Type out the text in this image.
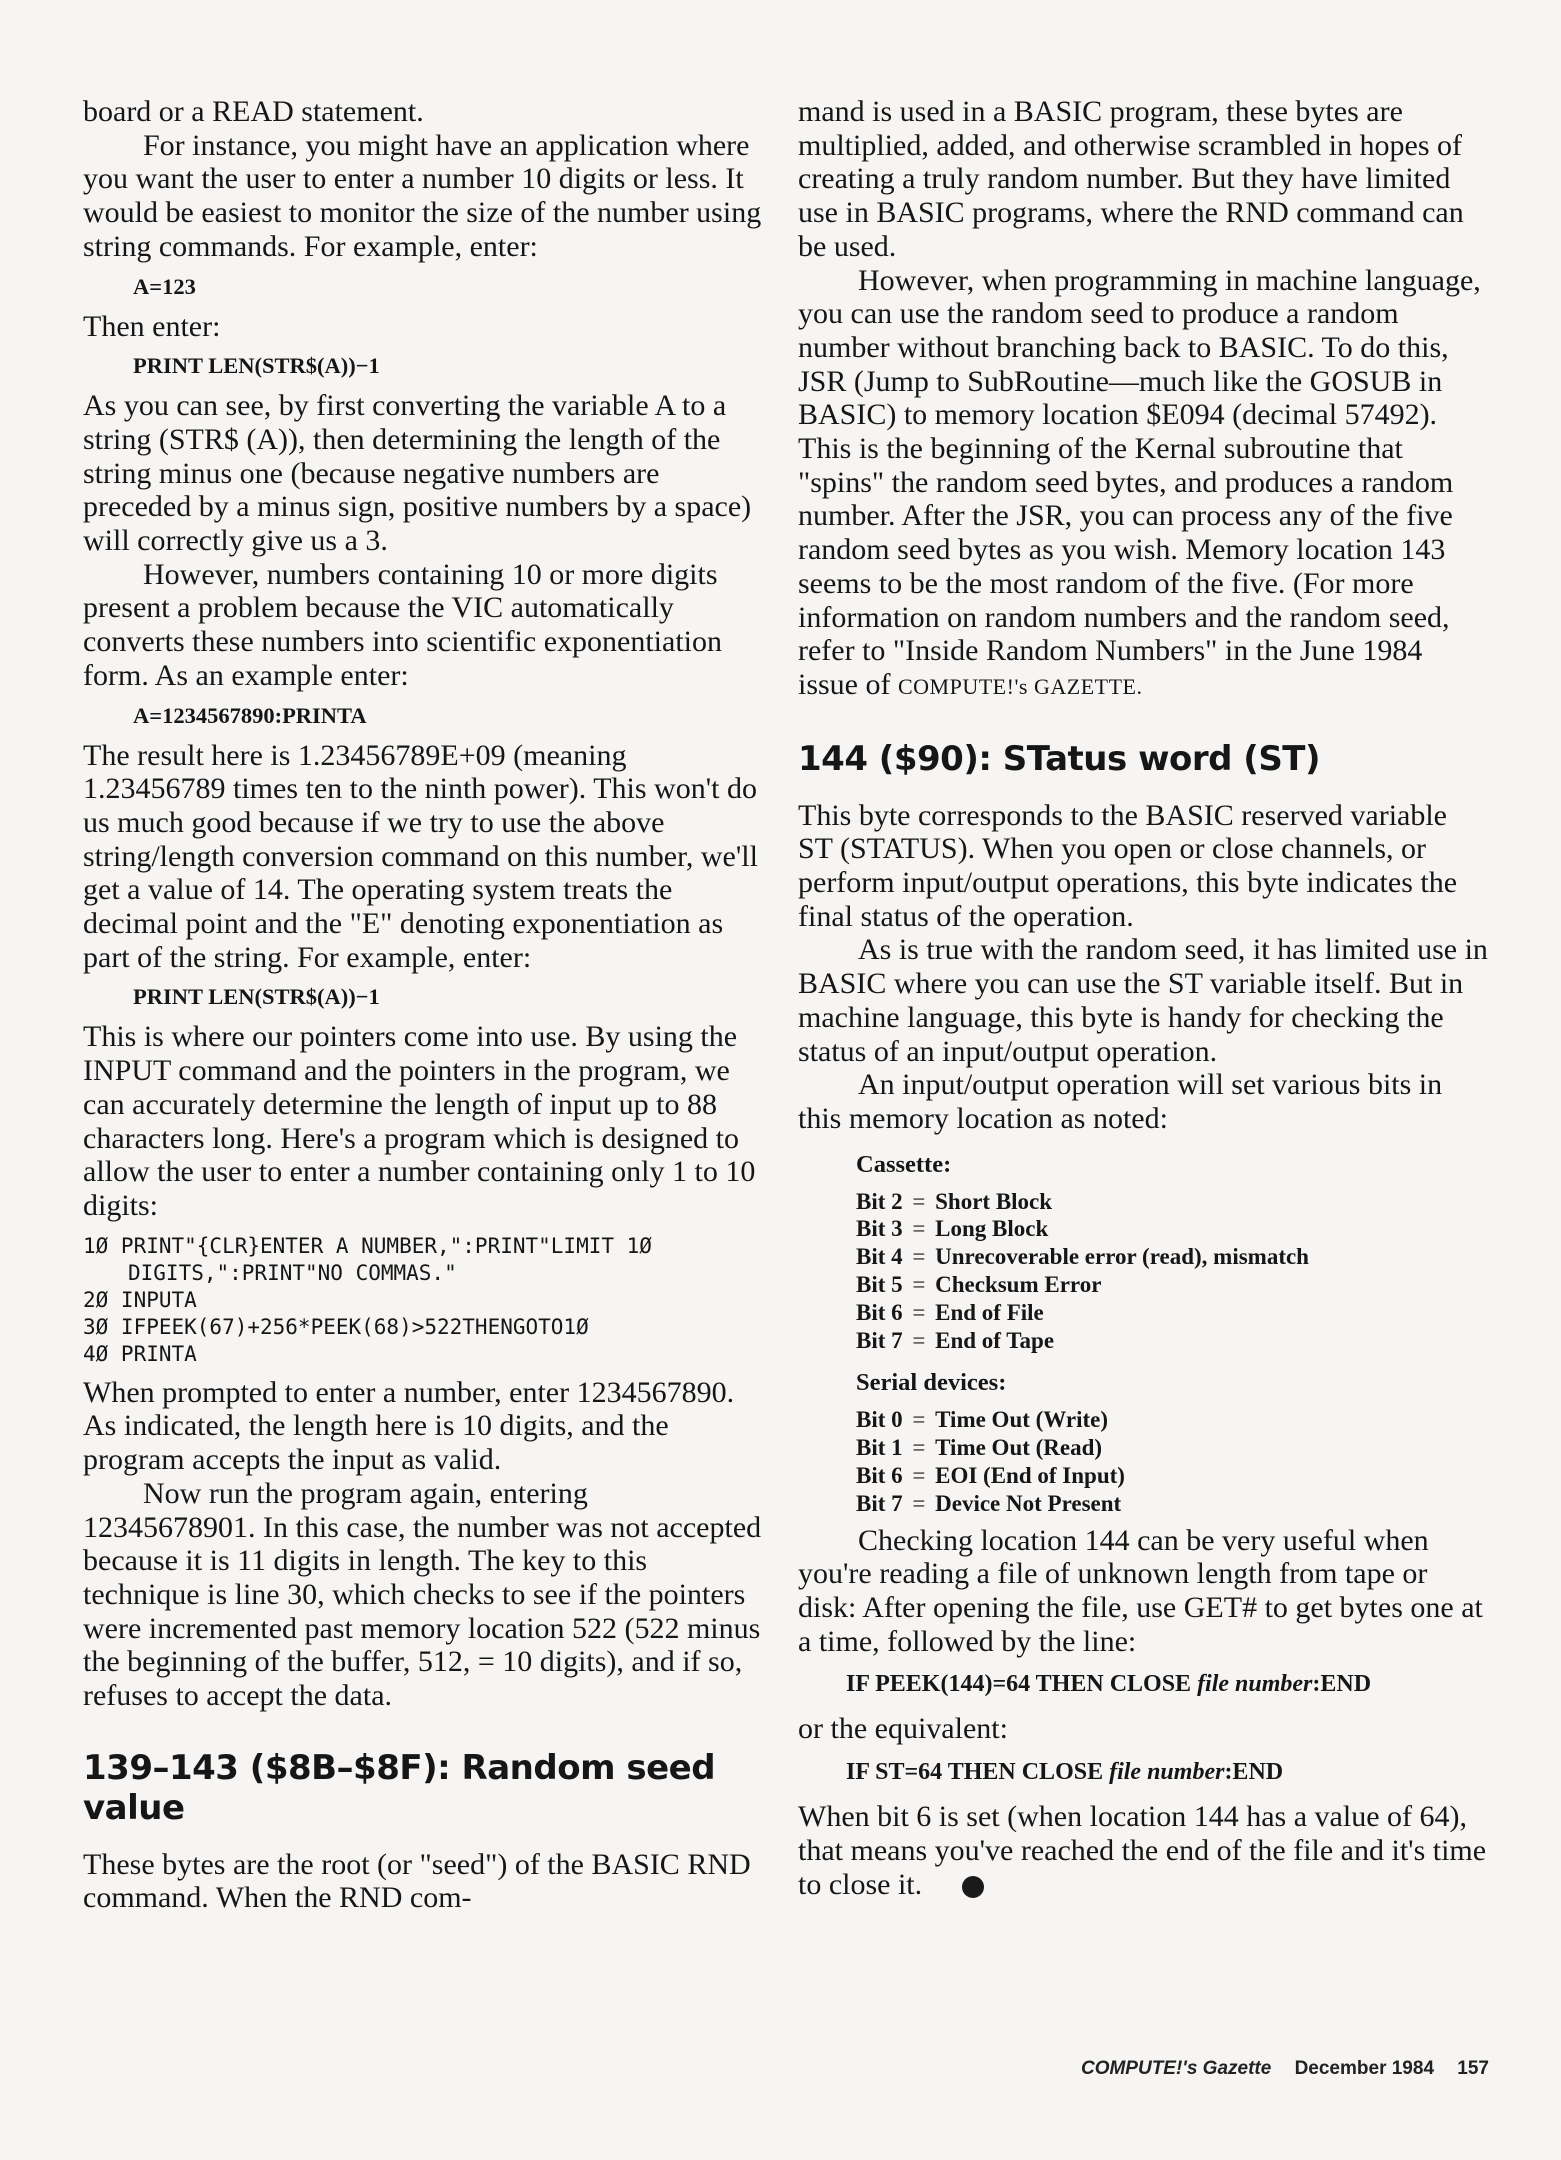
board or a READ statement.

For instance, you might have an application where you want the user to enter a number 10 digits or less. It would be easiest to monitor the size of the number using string commands. For example, enter:

A=123

Then enter:

PRINT LEN(STR$(A))−1

As you can see, by first converting the variable A to a string (STR$ (A)), then determining the length of the string minus one (because negative numbers are preceded by a minus sign, positive numbers by a space) will correctly give us a 3.

However, numbers containing 10 or more digits present a problem because the VIC automatically converts these numbers into scientific exponentiation form. As an example enter:

A=1234567890:PRINTA

The result here is 1.23456789E+09 (meaning 1.23456789 times ten to the ninth power). This won't do us much good because if we try to use the above string/length conversion command on this number, we'll get a value of 14. The operating system treats the decimal point and the "E" denoting exponentiation as part of the string. For example, enter:

PRINT LEN(STR$(A))−1

This is where our pointers come into use. By using the INPUT command and the pointers in the program, we can accurately determine the length of input up to 88 characters long. Here's a program which is designed to allow the user to enter a number containing only 1 to 10 digits:

1Ø PRINT"{CLR}ENTER A NUMBER,":PRINT"LIMIT 1Ø DIGITS,":PRINT"NO COMMAS."
2Ø INPUTA
3Ø IFPEEK(67)+256*PEEK(68)>522THENGOTO1Ø
4Ø PRINTA

When prompted to enter a number, enter 1234567890. As indicated, the length here is 10 digits, and the program accepts the input as valid.

Now run the program again, entering 12345678901. In this case, the number was not accepted because it is 11 digits in length. The key to this technique is line 30, which checks to see if the pointers were incremented past memory location 522 (522 minus the beginning of the buffer, 512, = 10 digits), and if so, refuses to accept the data.

139–143 ($8B–$8F): Random seed value

These bytes are the root (or "seed") of the BASIC RND command. When the RND com-

mand is used in a BASIC program, these bytes are multiplied, added, and otherwise scrambled in hopes of creating a truly random number. But they have limited use in BASIC programs, where the RND command can be used.

However, when programming in machine language, you can use the random seed to produce a random number without branching back to BASIC. To do this, JSR (Jump to SubRoutine—much like the GOSUB in BASIC) to memory location $E094 (decimal 57492). This is the beginning of the Kernal subroutine that "spins" the random seed bytes, and produces a random number. After the JSR, you can process any of the five random seed bytes as you wish. Memory location 143 seems to be the most random of the five. (For more information on random numbers and the random seed, refer to "Inside Random Numbers" in the June 1984 issue of COMPUTE!'s GAZETTE.

144 ($90): STatus word (ST)

This byte corresponds to the BASIC reserved variable ST (STATUS). When you open or close channels, or perform input/output operations, this byte indicates the final status of the operation.

As is true with the random seed, it has limited use in BASIC where you can use the ST variable itself. But in machine language, this byte is handy for checking the status of an input/output operation.

An input/output operation will set various bits in this memory location as noted:

Cassette:
Bit 2 = Short Block
Bit 3 = Long Block
Bit 4 = Unrecoverable error (read), mismatch
Bit 5 = Checksum Error
Bit 6 = End of File
Bit 7 = End of Tape
Serial devices:
Bit 0 = Time Out (Write)
Bit 1 = Time Out (Read)
Bit 6 = EOI (End of Input)
Bit 7 = Device Not Present

Checking location 144 can be very useful when you're reading a file of unknown length from tape or disk: After opening the file, use GET# to get bytes one at a time, followed by the line:

IF PEEK(144)=64 THEN CLOSE file number:END

or the equivalent:

IF ST=64 THEN CLOSE file number:END

When bit 6 is set (when location 144 has a value of 64), that means you've reached the end of the file and it's time to close it.

COMPUTE!'s Gazette December 1984 157
